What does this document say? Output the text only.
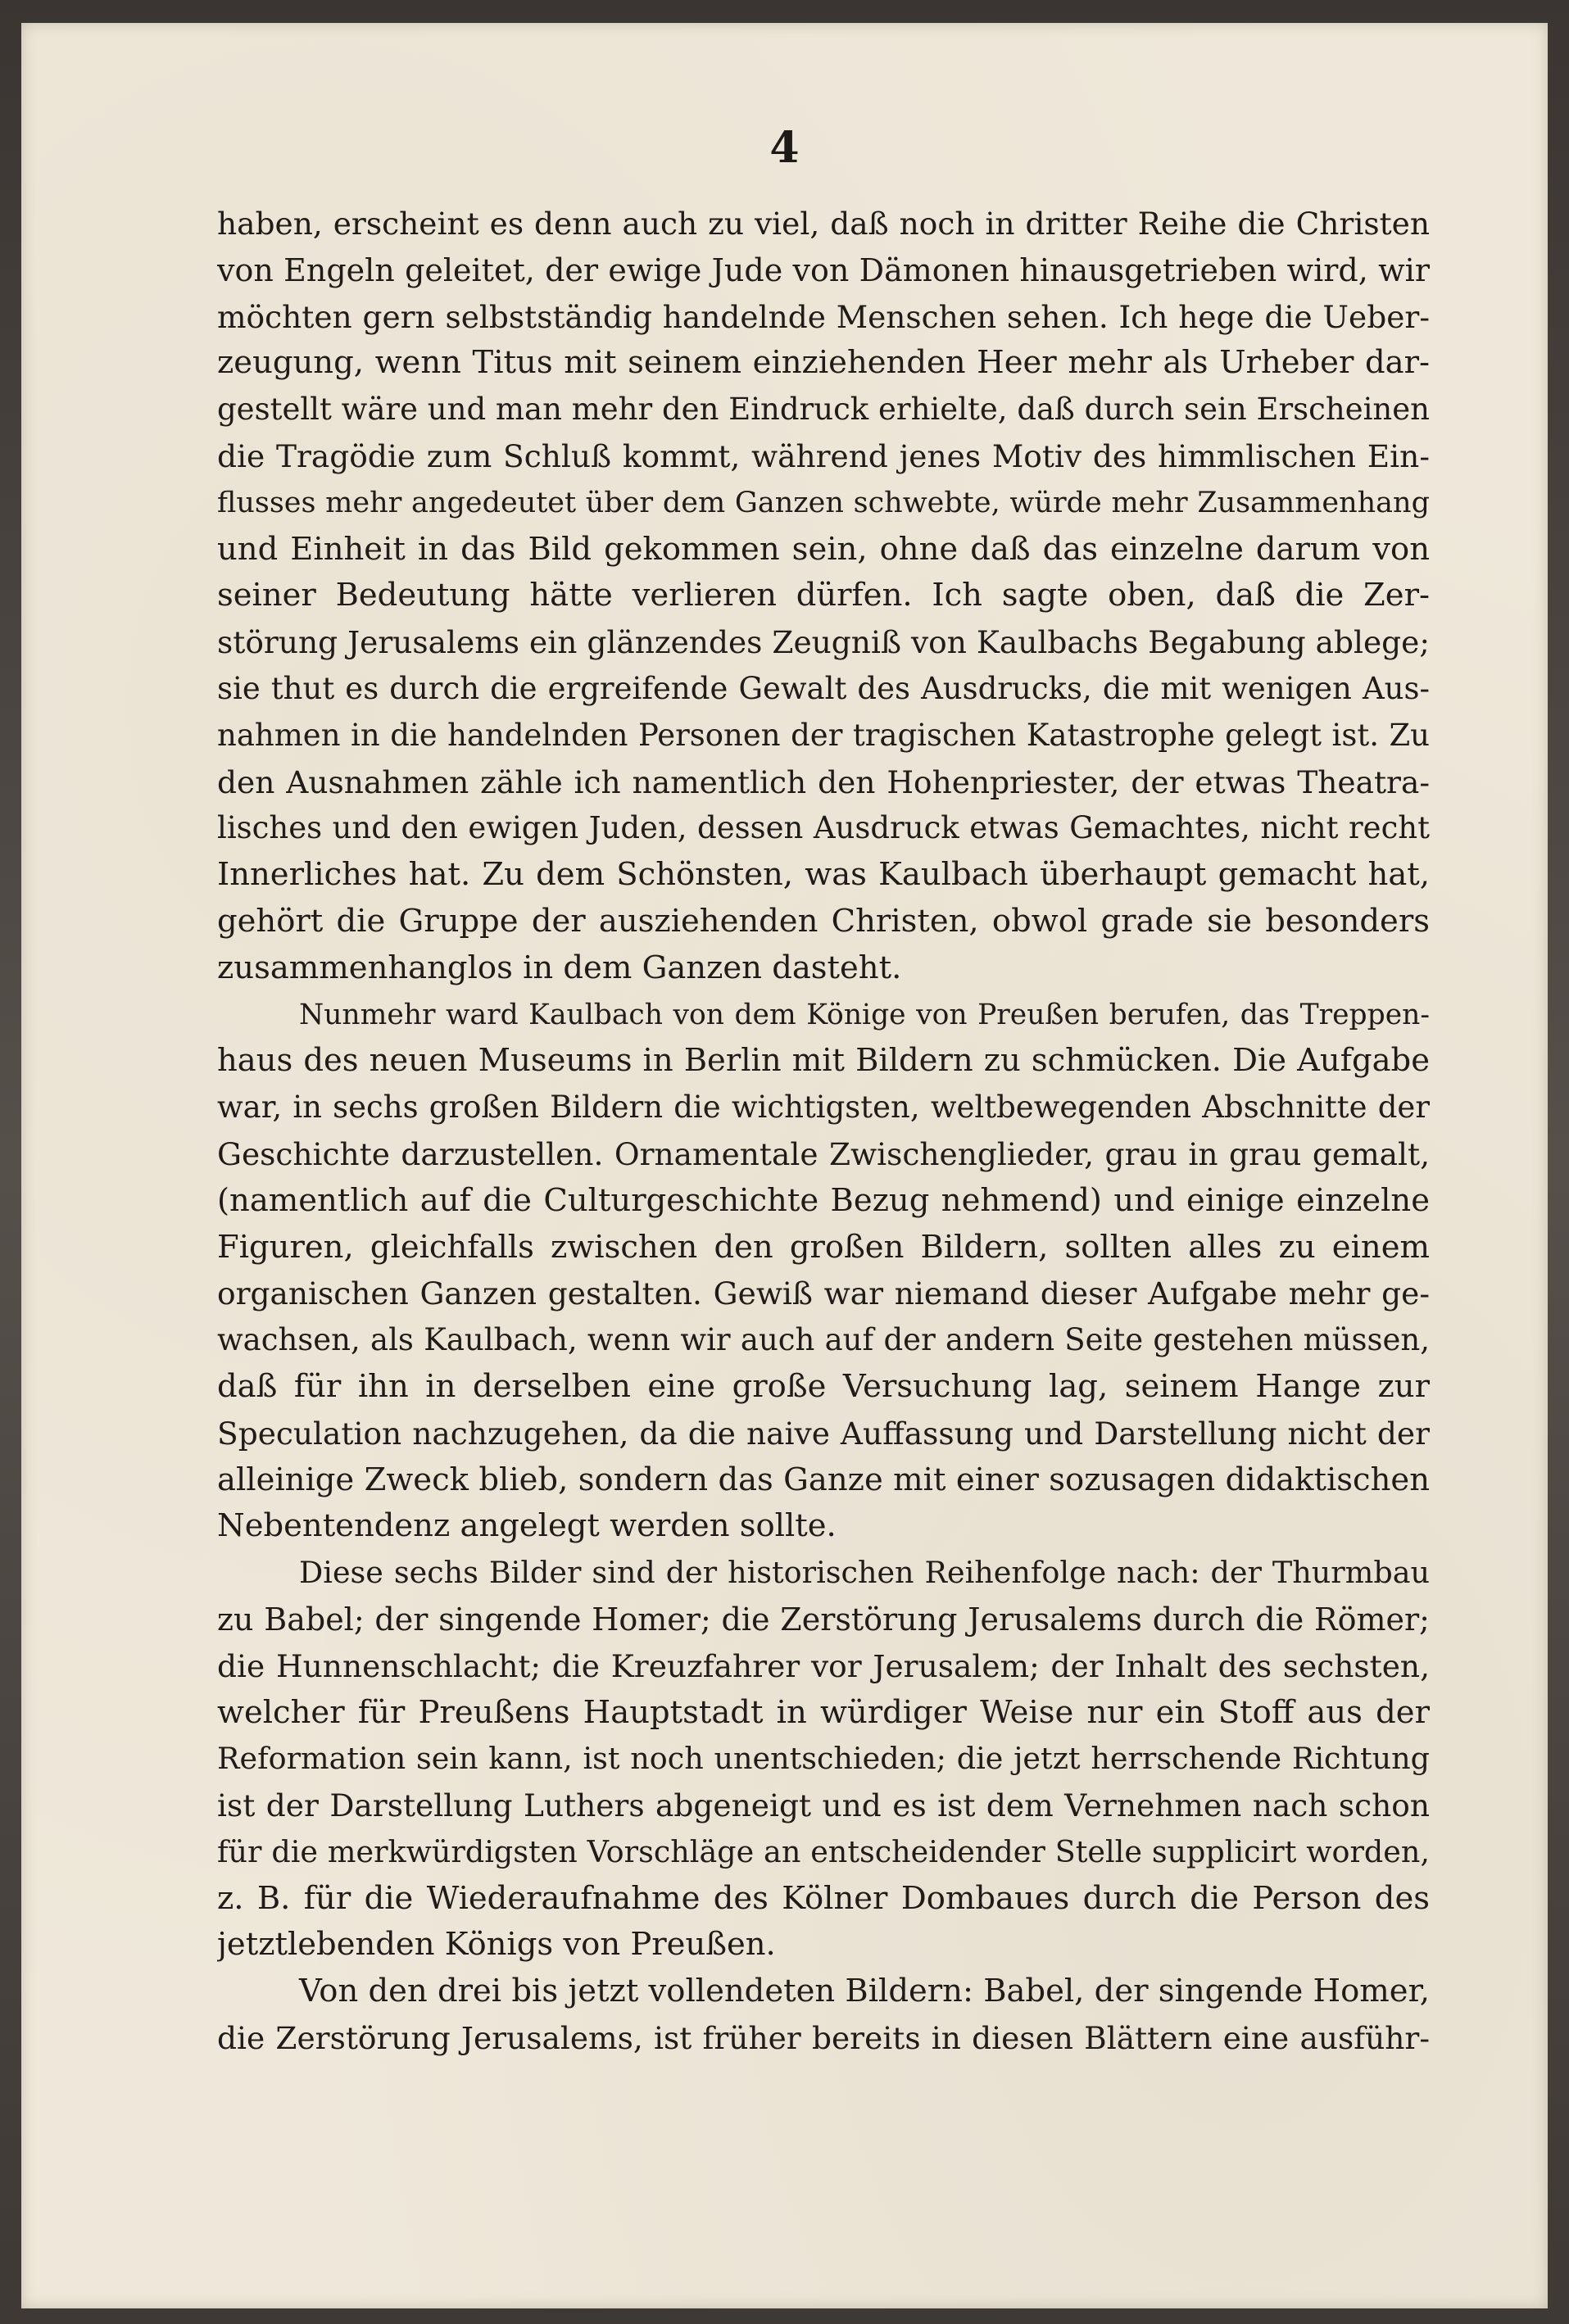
4
haben, erscheint es denn auch zu viel, daß noch in dritter Reihe die Christen
von Engeln geleitet, der ewige Jude von Dämonen hinausgetrieben wird, wir
möchten gern selbstständig handelnde Menschen sehen. Ich hege die Ueber-
zeugung, wenn Titus mit seinem einziehenden Heer mehr als Urheber dar-
gestellt wäre und man mehr den Eindruck erhielte, daß durch sein Erscheinen
die Tragödie zum Schluß kommt, während jenes Motiv des himmlischen Ein-
flusses mehr angedeutet über dem Ganzen schwebte, würde mehr Zusammenhang
und Einheit in das Bild gekommen sein, ohne daß das einzelne darum von
seiner Bedeutung hätte verlieren dürfen. Ich sagte oben, daß die Zer-
störung Jerusalems ein glänzendes Zeugniß von Kaulbachs Begabung ablege;
sie thut es durch die ergreifende Gewalt des Ausdrucks, die mit wenigen Aus-
nahmen in die handelnden Personen der tragischen Katastrophe gelegt ist. Zu
den Ausnahmen zähle ich namentlich den Hohenpriester, der etwas Theatra-
lisches und den ewigen Juden, dessen Ausdruck etwas Gemachtes, nicht recht
Innerliches hat. Zu dem Schönsten, was Kaulbach überhaupt gemacht hat,
gehört die Gruppe der ausziehenden Christen, obwol grade sie besonders
zusammenhanglos in dem Ganzen dasteht.
Nunmehr ward Kaulbach von dem Könige von Preußen berufen, das Treppen-
haus des neuen Museums in Berlin mit Bildern zu schmücken. Die Aufgabe
war, in sechs großen Bildern die wichtigsten, weltbewegenden Abschnitte der
Geschichte darzustellen. Ornamentale Zwischenglieder, grau in grau gemalt,
(namentlich auf die Culturgeschichte Bezug nehmend) und einige einzelne
Figuren, gleichfalls zwischen den großen Bildern, sollten alles zu einem
organischen Ganzen gestalten. Gewiß war niemand dieser Aufgabe mehr ge-
wachsen, als Kaulbach, wenn wir auch auf der andern Seite gestehen müssen,
daß für ihn in derselben eine große Versuchung lag, seinem Hange zur
Speculation nachzugehen, da die naive Auffassung und Darstellung nicht der
alleinige Zweck blieb, sondern das Ganze mit einer sozusagen didaktischen
Nebentendenz angelegt werden sollte.
Diese sechs Bilder sind der historischen Reihenfolge nach: der Thurmbau
zu Babel; der singende Homer; die Zerstörung Jerusalems durch die Römer;
die Hunnenschlacht; die Kreuzfahrer vor Jerusalem; der Inhalt des sechsten,
welcher für Preußens Hauptstadt in würdiger Weise nur ein Stoff aus der
Reformation sein kann, ist noch unentschieden; die jetzt herrschende Richtung
ist der Darstellung Luthers abgeneigt und es ist dem Vernehmen nach schon
für die merkwürdigsten Vorschläge an entscheidender Stelle supplicirt worden,
z. B. für die Wiederaufnahme des Kölner Dombaues durch die Person des
jetztlebenden Königs von Preußen.
Von den drei bis jetzt vollendeten Bildern: Babel, der singende Homer,
die Zerstörung Jerusalems, ist früher bereits in diesen Blättern eine ausführ-
